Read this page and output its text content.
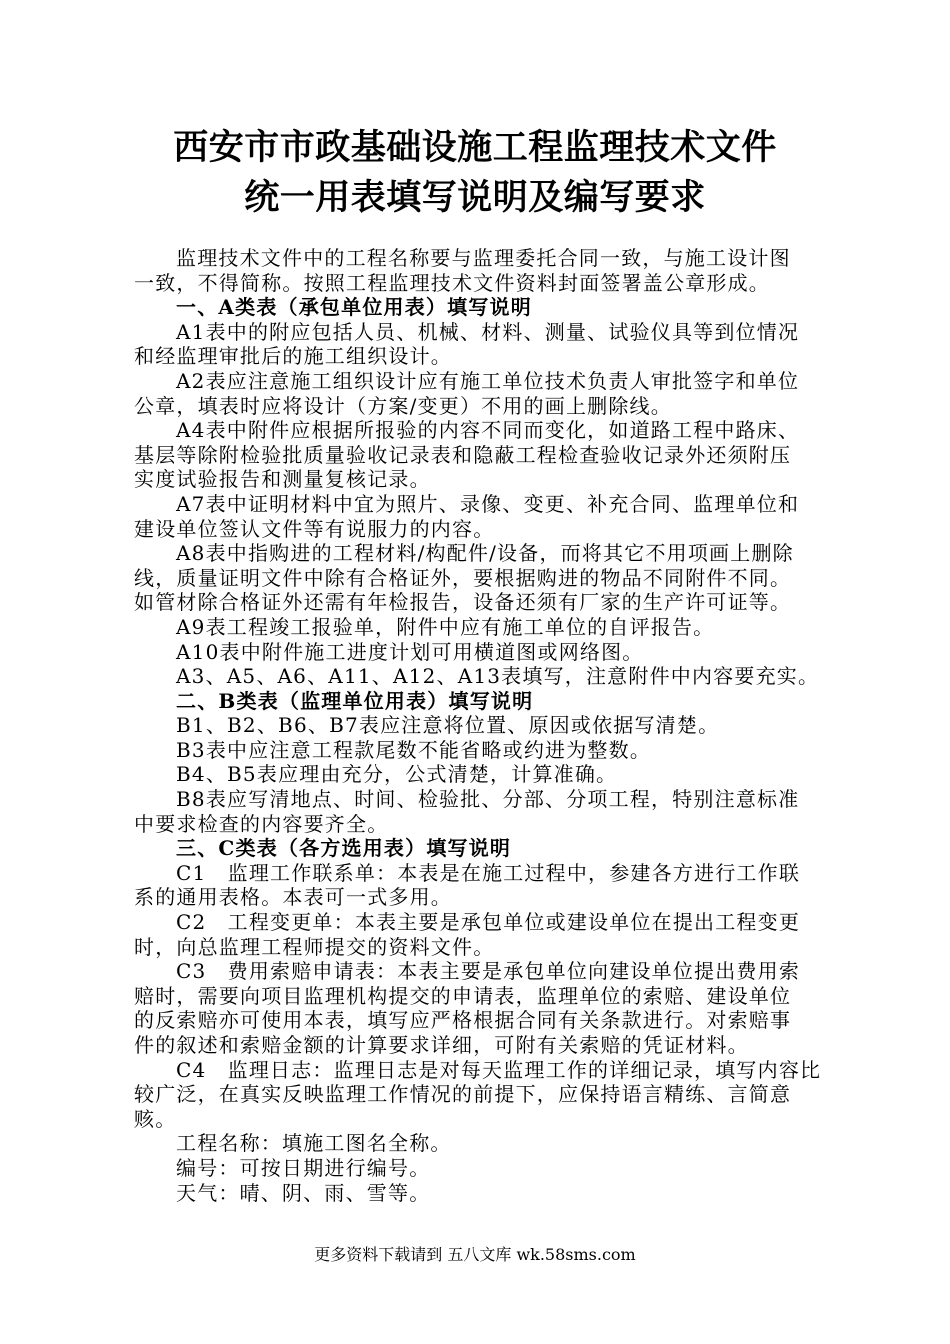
西安市市政基础设施工程监理技术文件
统一用表填写说明及编写要求
监理技术文件中的工程名称要与监理委托合同一致，与施工设计图
一致，不得简称。按照工程监理技术文件资料封面签署盖公章形成。
一、A类表（承包单位用表）填写说明
A1表中的附应包括人员、机械、材料、测量、试验仪具等到位情况
和经监理审批后的施工组织设计。
A2表应注意施工组织设计应有施工单位技术负责人审批签字和单位
公章，填表时应将设计（方案/变更）不用的画上删除线。
A4表中附件应根据所报验的内容不同而变化，如道路工程中路床、
基层等除附检验批质量验收记录表和隐蔽工程检查验收记录外还须附压
实度试验报告和测量复核记录。
A7表中证明材料中宜为照片、录像、变更、补充合同、监理单位和
建设单位签认文件等有说服力的内容。
A8表中指购进的工程材料/构配件/设备，而将其它不用项画上删除
线，质量证明文件中除有合格证外，要根据购进的物品不同附件不同。
如管材除合格证外还需有年检报告，设备还须有厂家的生产许可证等。
A9表工程竣工报验单，附件中应有施工单位的自评报告。
A10表中附件施工进度计划可用横道图或网络图。
A3、A5、A6、A11、A12、A13表填写，注意附件中内容要充实。
二、B类表（监理单位用表）填写说明
B1、B2、B6、B7表应注意将位置、原因或依据写清楚。
B3表中应注意工程款尾数不能省略或约进为整数。
B4、B5表应理由充分，公式清楚，计算准确。
B8表应写清地点、时间、检验批、分部、分项工程，特别注意标准
中要求检查的内容要齐全。
三、C类表（各方选用表）填写说明
C1　监理工作联系单：本表是在施工过程中，参建各方进行工作联
系的通用表格。本表可一式多用。
C2　工程变更单：本表主要是承包单位或建设单位在提出工程变更
时，向总监理工程师提交的资料文件。
C3　费用索赔申请表：本表主要是承包单位向建设单位提出费用索
赔时，需要向项目监理机构提交的申请表，监理单位的索赔、建设单位
的反索赔亦可使用本表，填写应严格根据合同有关条款进行。对索赔事
件的叙述和索赔金额的计算要求详细，可附有关索赔的凭证材料。
C4　监理日志：监理日志是对每天监理工作的详细记录，填写内容比
较广泛，在真实反映监理工作情况的前提下，应保持语言精练、言简意
赅。
工程名称：填施工图名全称。
编号：可按日期进行编号。
天气：晴、阴、雨、雪等。
更多资料下载请到 五八文库 wk.58sms.com
